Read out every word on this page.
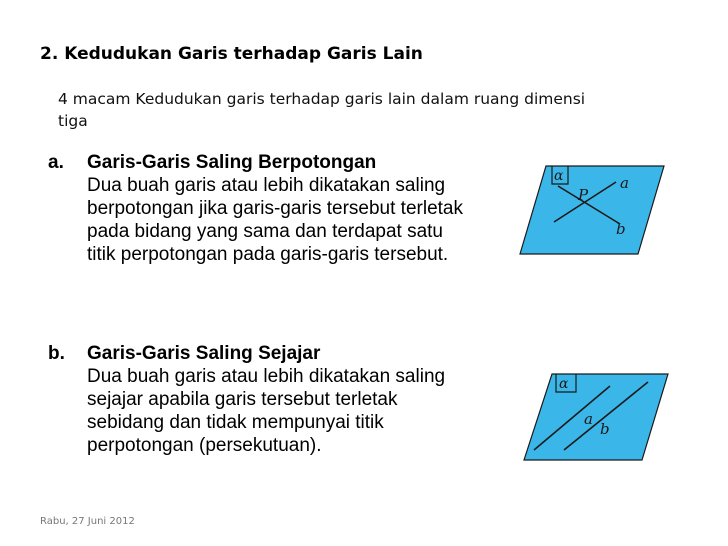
2. Kedudukan Garis terhadap Garis Lain
4 macam Kedudukan garis terhadap garis lain dalam ruang dimensi tiga
a. Garis-Garis Saling Berpotongan
Dua buah garis atau lebih dikatakan saling berpotongan jika garis-garis tersebut terletak pada bidang yang sama dan terdapat satu titik perpotongan pada garis-garis tersebut.
b. Garis-Garis Saling Sejajar
Dua buah garis atau lebih dikatakan saling sejajar apabila garis tersebut terletak sebidang dan tidak mempunyai titik perpotongan (persekutuan).
α
P
a
b
α
a
b
Rabu, 27 Juni 2012
